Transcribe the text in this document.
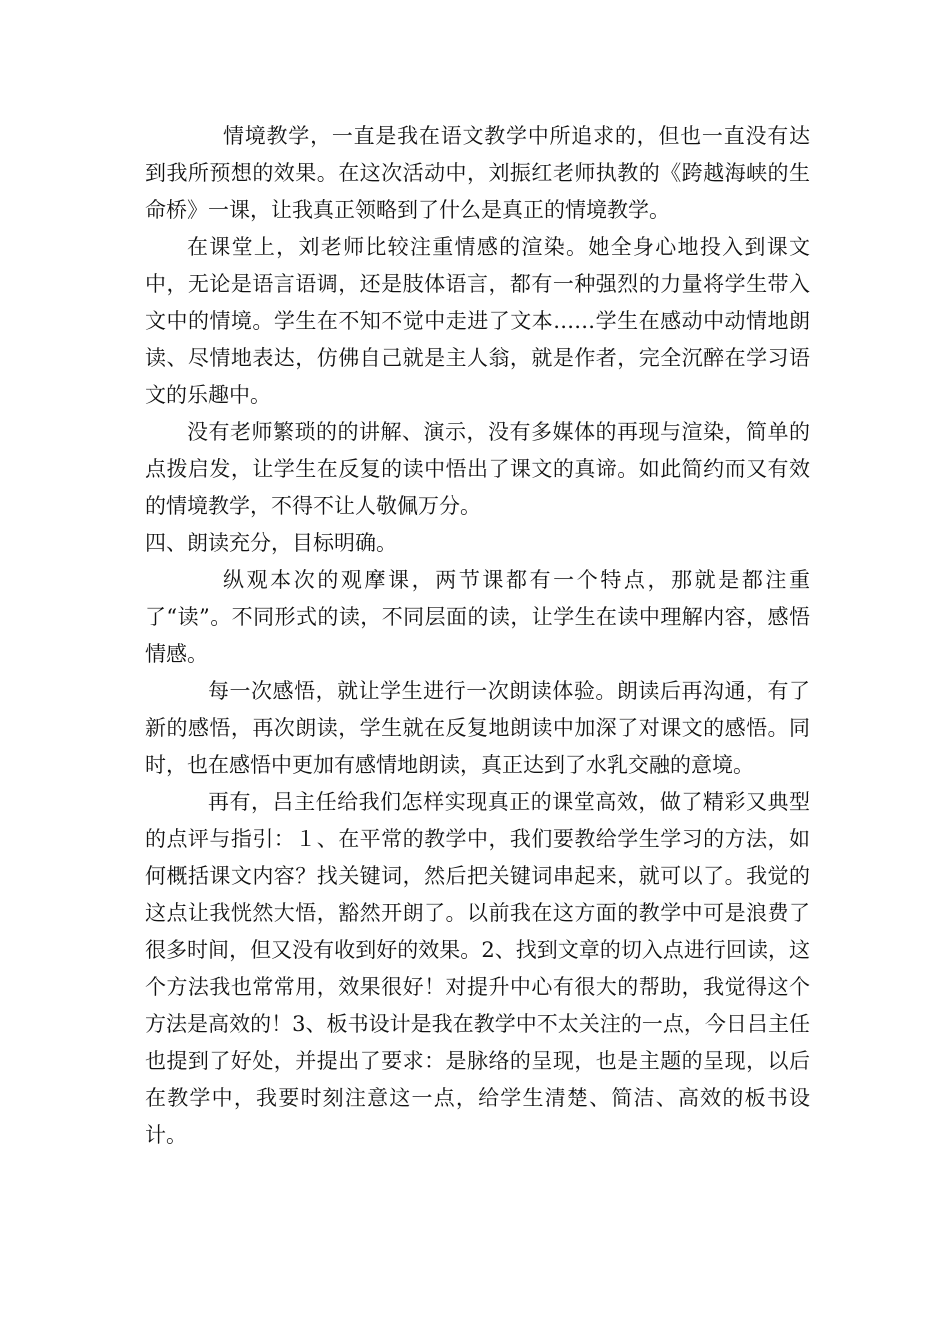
情境教学，一直是我在语文教学中所追求的，但也一直没有达到我所预想的效果。在这次活动中，刘振红老师执教的《跨越海峡的生命桥》一课，让我真正领略到了什么是真正的情境教学。

在课堂上，刘老师比较注重情感的渲染。她全身心地投入到课文中，无论是语言语调，还是肢体语言，都有一种强烈的力量将学生带入文中的情境。学生在不知不觉中走进了文本……学生在感动中动情地朗读、尽情地表达，仿佛自己就是主人翁，就是作者，完全沉醉在学习语文的乐趣中。

没有老师繁琐的的讲解、演示，没有多媒体的再现与渲染，简单的点拨启发，让学生在反复的读中悟出了课文的真谛。如此简约而又有效的情境教学，不得不让人敬佩万分。

四、朗读充分，目标明确。

纵观本次的观摩课，两节课都有一个特点，那就是都注重了“读”。不同形式的读，不同层面的读，让学生在读中理解内容，感悟情感。

每一次感悟，就让学生进行一次朗读体验。朗读后再沟通，有了新的感悟，再次朗读，学生就在反复地朗读中加深了对课文的感悟。同时，也在感悟中更加有感情地朗读，真正达到了水乳交融的意境。

再有，吕主任给我们怎样实现真正的课堂高效，做了精彩又典型的点评与指引：１、在平常的教学中，我们要教给学生学习的方法，如何概括课文内容？找关键词，然后把关键词串起来，就可以了。我觉的这点让我恍然大悟，豁然开朗了。以前我在这方面的教学中可是浪费了很多时间，但又没有收到好的效果。2、找到文章的切入点进行回读，这个方法我也常常用，效果很好！对提升中心有很大的帮助，我觉得这个方法是高效的！3、板书设计是我在教学中不太关注的一点，今日吕主任也提到了好处，并提出了要求：是脉络的呈现，也是主题的呈现，以后在教学中，我要时刻注意这一点，给学生清楚、简洁、高效的板书设计。
